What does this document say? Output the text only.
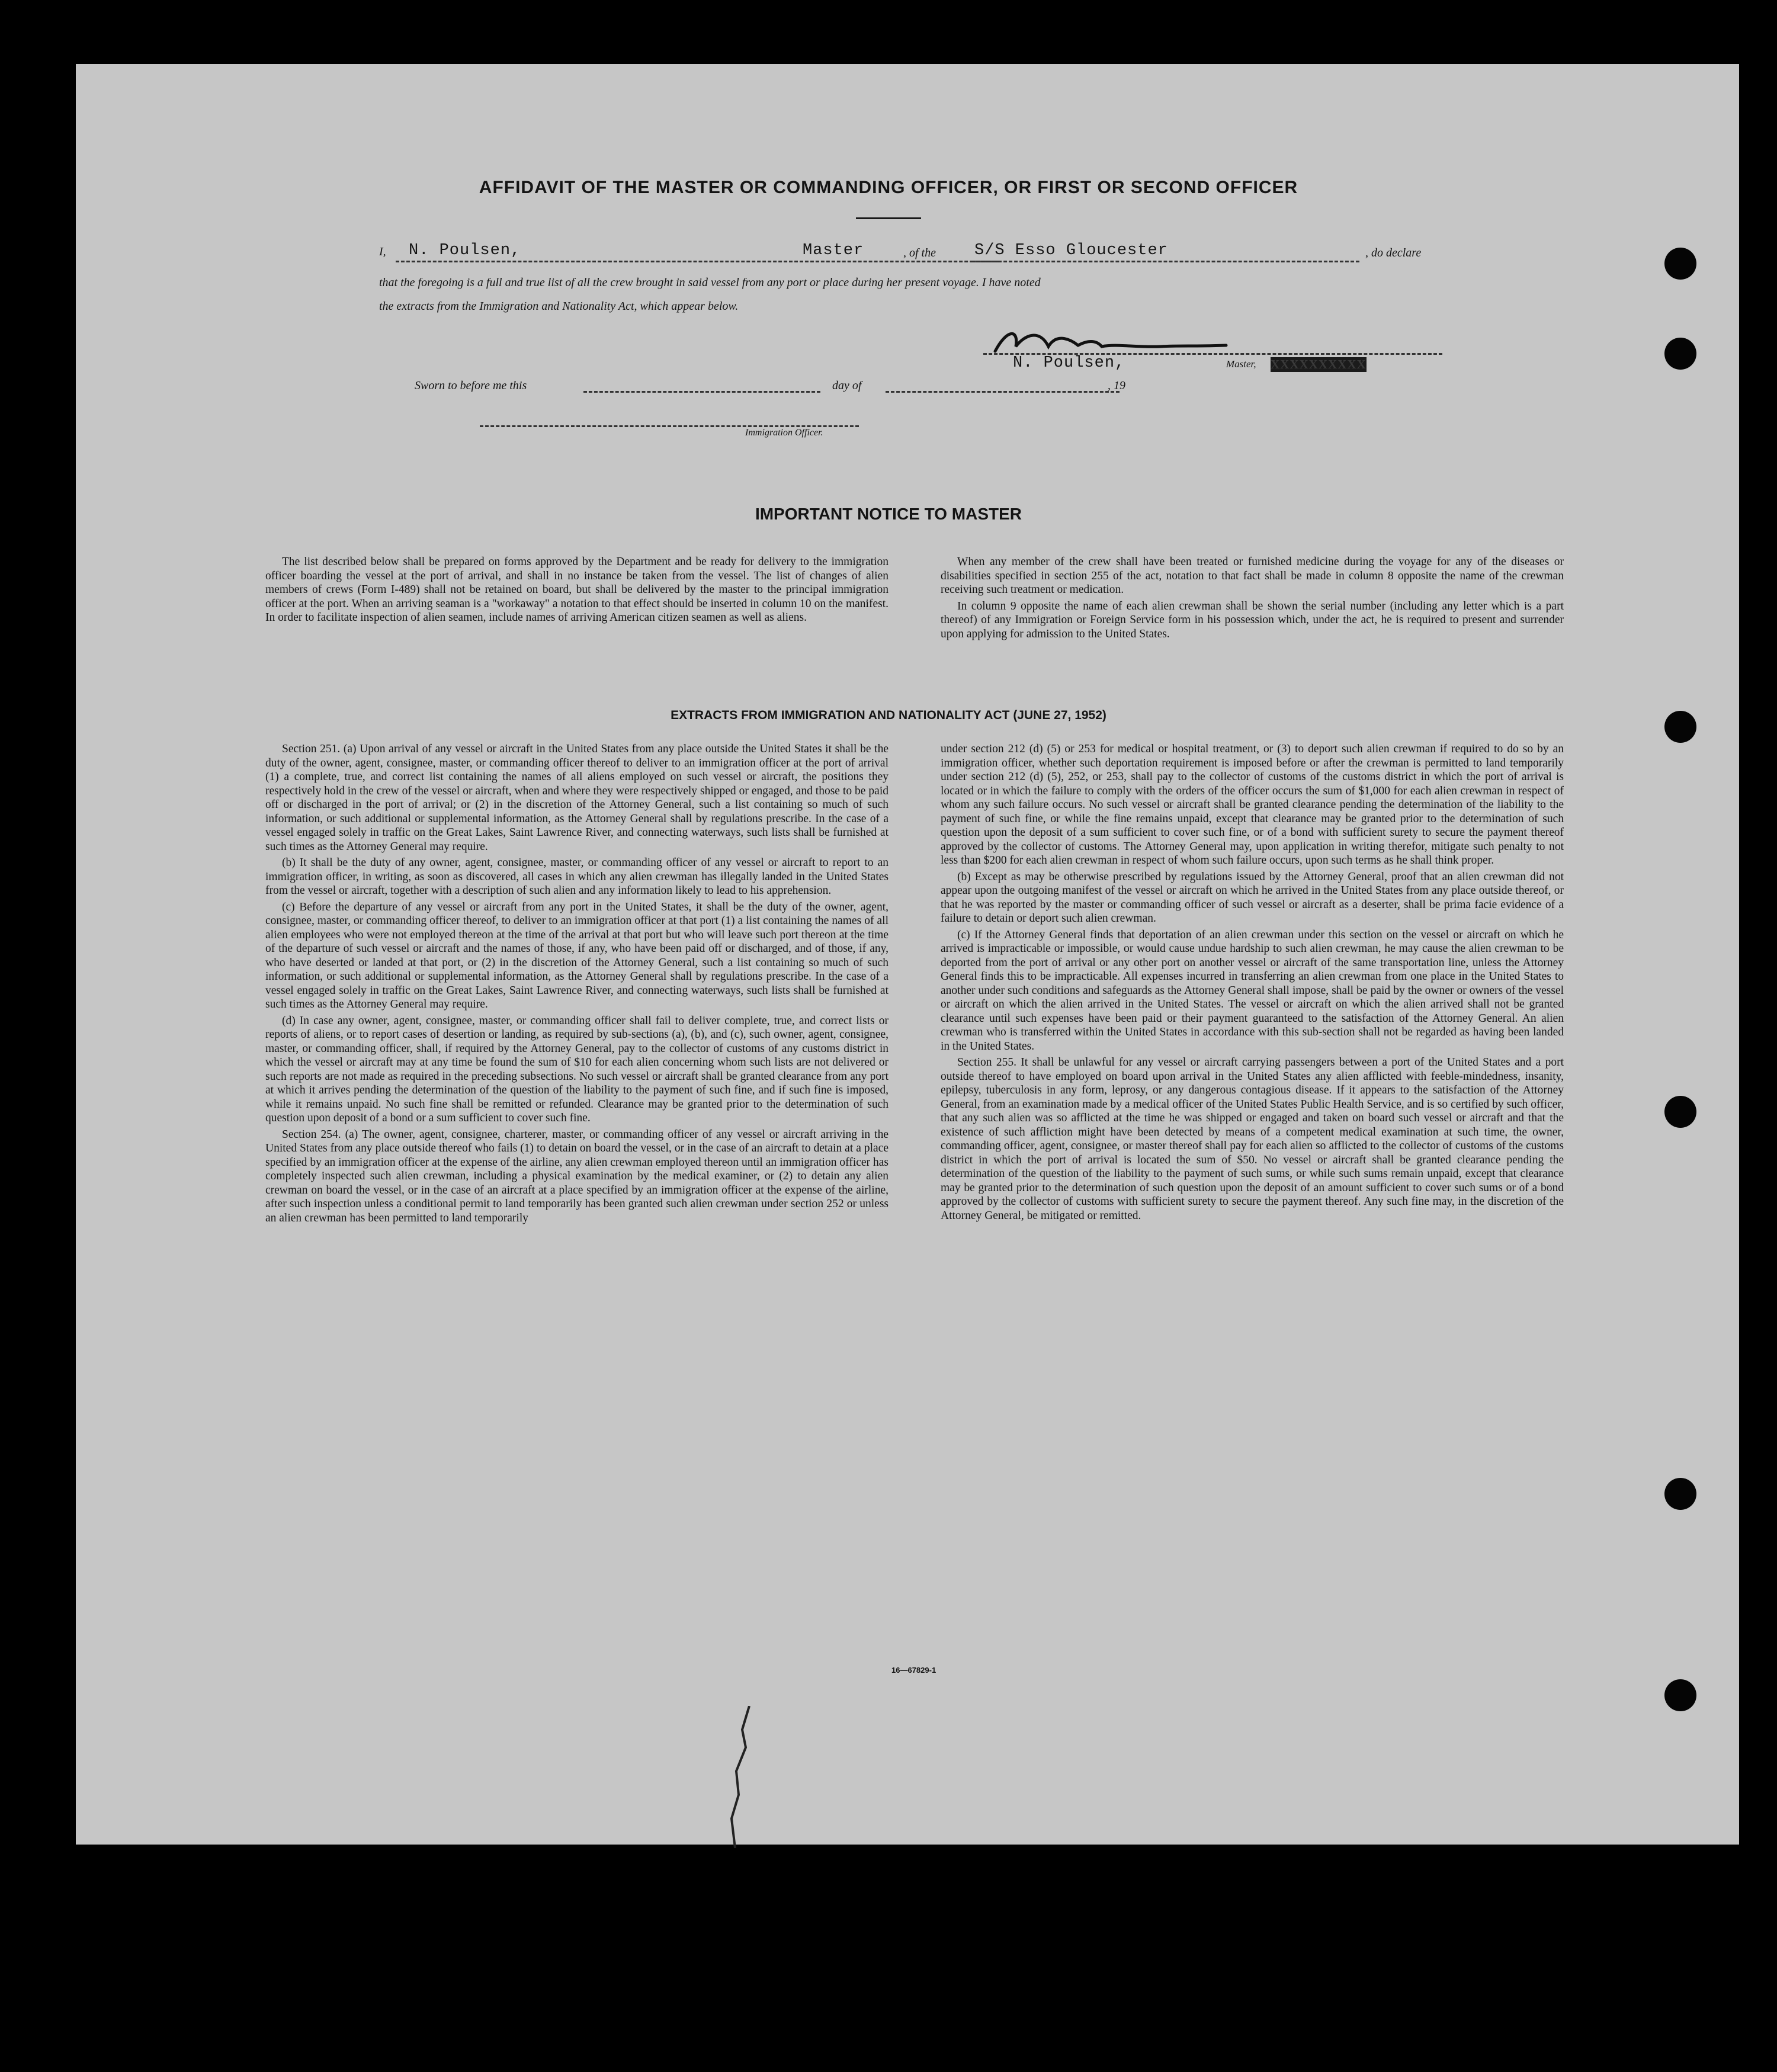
AFFIDAVIT OF THE MASTER OR COMMANDING OFFICER, OR FIRST OR SECOND OFFICER
I, N. Poulsen,	Master	, of the S/S Esso Gloucester	, do declare
that the foregoing is a full and true list of all the crew brought in said vessel from any port or place during her present voyage. I have noted
the extracts from the Immigration and Nationality Act, which appear below.
N. Poulsen,	Master, XXXXXXXXXX
Sworn to before me this	day of	, 19
Immigration Officer.
IMPORTANT NOTICE TO MASTER

The list described below shall be prepared on forms approved by the Department and be ready for delivery to the immigration officer boarding the vessel at the port of arrival, and shall in no instance be taken from the vessel. The list of changes of alien members of crews (Form I-489) shall not be retained on board, but shall be delivered by the master to the principal immigration officer at the port. When an arriving seaman is a "workaway" a notation to that effect should be inserted in column 10 on the manifest. In order to facilitate inspection of alien seamen, include names of arriving American citizen seamen as well as aliens.

When any member of the crew shall have been treated or furnished medicine during the voyage for any of the diseases or disabilities specified in section 255 of the act, notation to that fact shall be made in column 8 opposite the name of the crewman receiving such treatment or medication.

In column 9 opposite the name of each alien crewman shall be shown the serial number (including any letter which is a part thereof) of any Immigration or Foreign Service form in his possession which, under the act, he is required to present and surrender upon applying for admission to the United States.

EXTRACTS FROM IMMIGRATION AND NATIONALITY ACT (JUNE 27, 1952)

Section 251. (a) Upon arrival of any vessel or aircraft in the United States from any place outside the United States it shall be the duty of the owner, agent, consignee, master, or commanding officer thereof to deliver to an immigration officer at the port of arrival (1) a complete, true, and correct list containing the names of all aliens employed on such vessel or aircraft, the positions they respectively hold in the crew of the vessel or aircraft, when and where they were respectively shipped or engaged, and those to be paid off or discharged in the port of arrival; or (2) in the discretion of the Attorney General, such a list containing so much of such information, or such additional or supplemental information, as the Attorney General shall by regulations prescribe. In the case of a vessel engaged solely in traffic on the Great Lakes, Saint Lawrence River, and connecting waterways, such lists shall be furnished at such times as the Attorney General may require.

(b) It shall be the duty of any owner, agent, consignee, master, or commanding officer of any vessel or aircraft to report to an immigration officer, in writing, as soon as discovered, all cases in which any alien crewman has illegally landed in the United States from the vessel or aircraft, together with a description of such alien and any information likely to lead to his apprehension.

(c) Before the departure of any vessel or aircraft from any port in the United States, it shall be the duty of the owner, agent, consignee, master, or commanding officer thereof, to deliver to an immigration officer at that port (1) a list containing the names of all alien employees who were not employed thereon at the time of the arrival at that port but who will leave such port thereon at the time of the departure of such vessel or aircraft and the names of those, if any, who have been paid off or discharged, and of those, if any, who have deserted or landed at that port, or (2) in the discretion of the Attorney General, such a list containing so much of such information, or such additional or supplemental information, as the Attorney General shall by regulations prescribe. In the case of a vessel engaged solely in traffic on the Great Lakes, Saint Lawrence River, and connecting waterways, such lists shall be furnished at such times as the Attorney General may require.

(d) In case any owner, agent, consignee, master, or commanding officer shall fail to deliver complete, true, and correct lists or reports of aliens, or to report cases of desertion or landing, as required by sub-sections (a), (b), and (c), such owner, agent, consignee, master, or commanding officer, shall, if required by the Attorney General, pay to the collector of customs of any customs district in which the vessel or aircraft may at any time be found the sum of $10 for each alien concerning whom such lists are not delivered or such reports are not made as required in the preceding subsections. No such vessel or aircraft shall be granted clearance from any port at which it arrives pending the determination of the question of the liability to the payment of such fine, and if such fine is imposed, while it remains unpaid. No such fine shall be remitted or refunded. Clearance may be granted prior to the determination of such question upon deposit of a bond or a sum sufficient to cover such fine.

Section 254. (a) The owner, agent, consignee, charterer, master, or commanding officer of any vessel or aircraft arriving in the United States from any place outside thereof who fails (1) to detain on board the vessel, or in the case of an aircraft to detain at a place specified by an immigration officer at the expense of the airline, any alien crewman employed thereon until an immigration officer has completely inspected such alien crewman, including a physical examination by the medical examiner, or (2) to detain any alien crewman on board the vessel, or in the case of an aircraft at a place specified by an immigration officer at the expense of the airline, after such inspection unless a conditional permit to land temporarily has been granted such alien crewman under section 252 or unless an alien crewman has been permitted to land temporarily

under section 212 (d) (5) or 253 for medical or hospital treatment, or (3) to deport such alien crewman if required to do so by an immigration officer, whether such deportation requirement is imposed before or after the crewman is permitted to land temporarily under section 212 (d) (5), 252, or 253, shall pay to the collector of customs of the customs district in which the port of arrival is located or in which the failure to comply with the orders of the officer occurs the sum of $1,000 for each alien crewman in respect of whom any such failure occurs. No such vessel or aircraft shall be granted clearance pending the determination of the liability to the payment of such fine, or while the fine remains unpaid, except that clearance may be granted prior to the determination of such question upon the deposit of a sum sufficient to cover such fine, or of a bond with sufficient surety to secure the payment thereof approved by the collector of customs. The Attorney General may, upon application in writing therefor, mitigate such penalty to not less than $200 for each alien crewman in respect of whom such failure occurs, upon such terms as he shall think proper.

(b) Except as may be otherwise prescribed by regulations issued by the Attorney General, proof that an alien crewman did not appear upon the outgoing manifest of the vessel or aircraft on which he arrived in the United States from any place outside thereof, or that he was reported by the master or commanding officer of such vessel or aircraft as a deserter, shall be prima facie evidence of a failure to detain or deport such alien crewman.

(c) If the Attorney General finds that deportation of an alien crewman under this section on the vessel or aircraft on which he arrived is impracticable or impossible, or would cause undue hardship to such alien crewman, he may cause the alien crewman to be deported from the port of arrival or any other port on another vessel or aircraft of the same transportation line, unless the Attorney General finds this to be impracticable. All expenses incurred in transferring an alien crewman from one place in the United States to another under such conditions and safeguards as the Attorney General shall impose, shall be paid by the owner or owners of the vessel or aircraft on which the alien arrived in the United States. The vessel or aircraft on which the alien arrived shall not be granted clearance until such expenses have been paid or their payment guaranteed to the satisfaction of the Attorney General. An alien crewman who is transferred within the United States in accordance with this sub-section shall not be regarded as having been landed in the United States.

Section 255. It shall be unlawful for any vessel or aircraft carrying passengers between a port of the United States and a port outside thereof to have employed on board upon arrival in the United States any alien afflicted with feeble-mindedness, insanity, epilepsy, tuberculosis in any form, leprosy, or any dangerous contagious disease. If it appears to the satisfaction of the Attorney General, from an examination made by a medical officer of the United States Public Health Service, and is so certified by such officer, that any such alien was so afflicted at the time he was shipped or engaged and taken on board such vessel or aircraft and that the existence of such affliction might have been detected by means of a competent medical examination at such time, the owner, commanding officer, agent, consignee, or master thereof shall pay for each alien so afflicted to the collector of customs of the customs district in which the port of arrival is located the sum of $50. No vessel or aircraft shall be granted clearance pending the determination of the question of the liability to the payment of such sums, or while such sums remain unpaid, except that clearance may be granted prior to the determination of such question upon the deposit of an amount sufficient to cover such sums or of a bond approved by the collector of customs with sufficient surety to secure the payment thereof. Any such fine may, in the discretion of the Attorney General, be mitigated or remitted.

16—67829-1
